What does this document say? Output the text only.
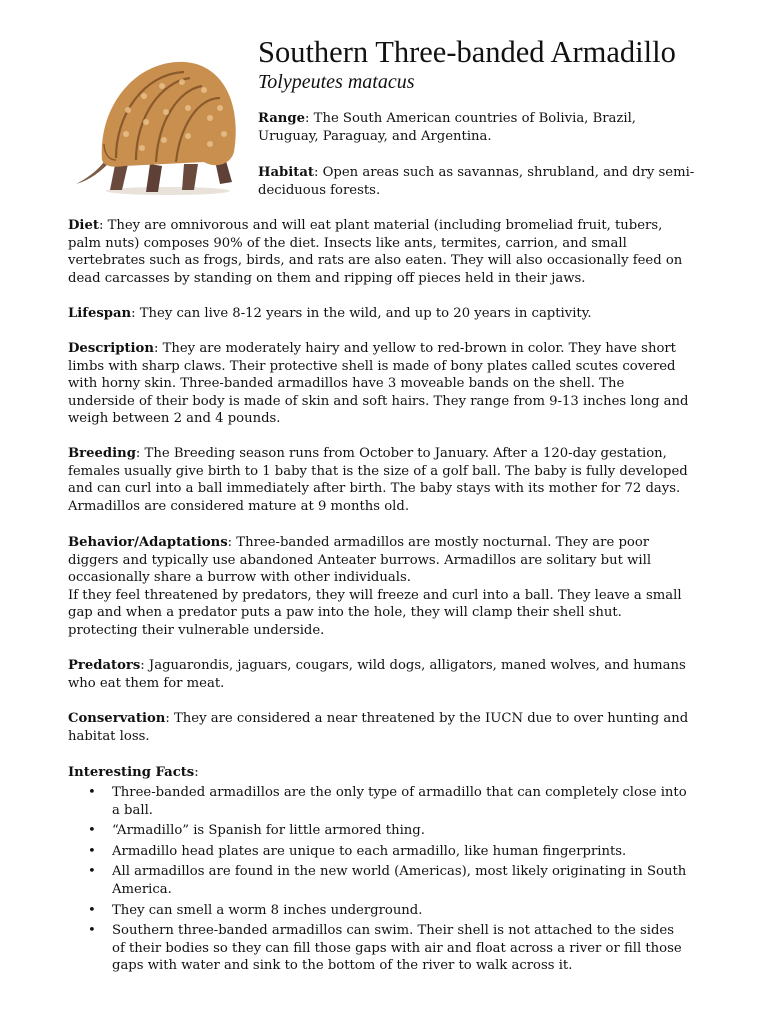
Southern Three-banded Armadillo
Tolypeutes matacus

Range: The South American countries of Bolivia, Brazil, Uruguay, Paraguay, and Argentina.

Habitat: Open areas such as savannas, shrubland, and dry semi-deciduous forests.

Diet: They are omnivorous and will eat plant material (including bromeliad fruit, tubers, palm nuts) composes 90% of the diet. Insects like ants, termites, carrion, and small vertebrates such as frogs, birds, and rats are also eaten. They will also occasionally feed on dead carcasses by standing on them and ripping off pieces held in their jaws.

Lifespan: They can live 8-12 years in the wild, and up to 20 years in captivity.

Description: They are moderately hairy and yellow to red-brown in color. They have short limbs with sharp claws. Their protective shell is made of bony plates called scutes covered with horny skin. Three-banded armadillos have 3 moveable bands on the shell. The underside of their body is made of skin and soft hairs. They range from 9-13 inches long and weigh between 2 and 4 pounds.

Breeding: The Breeding season runs from October to January. After a 120-day gestation, females usually give birth to 1 baby that is the size of a golf ball. The baby is fully developed and can curl into a ball immediately after birth. The baby stays with its mother for 72 days. Armadillos are considered mature at 9 months old.

Behavior/Adaptations: Three-banded armadillos are mostly nocturnal. They are poor diggers and typically use abandoned Anteater burrows. Armadillos are solitary but will occasionally share a burrow with other individuals.
If they feel threatened by predators, they will freeze and curl into a ball. They leave a small gap and when a predator puts a paw into the hole, they will clamp their shell shut. protecting their vulnerable underside.

Predators: Jaguarondis, jaguars, cougars, wild dogs, alligators, maned wolves, and humans who eat them for meat.

Conservation: They are considered a near threatened by the IUCN due to over hunting and habitat loss.

Interesting Facts:

• Three-banded armadillos are the only type of armadillo that can completely close into a ball.
• “Armadillo” is Spanish for little armored thing.
• Armadillo head plates are unique to each armadillo, like human fingerprints.
• All armadillos are found in the new world (Americas), most likely originating in South America.
• They can smell a worm 8 inches underground.
• Southern three-banded armadillos can swim. Their shell is not attached to the sides of their bodies so they can fill those gaps with air and float across a river or fill those gaps with water and sink to the bottom of the river to walk across it.
